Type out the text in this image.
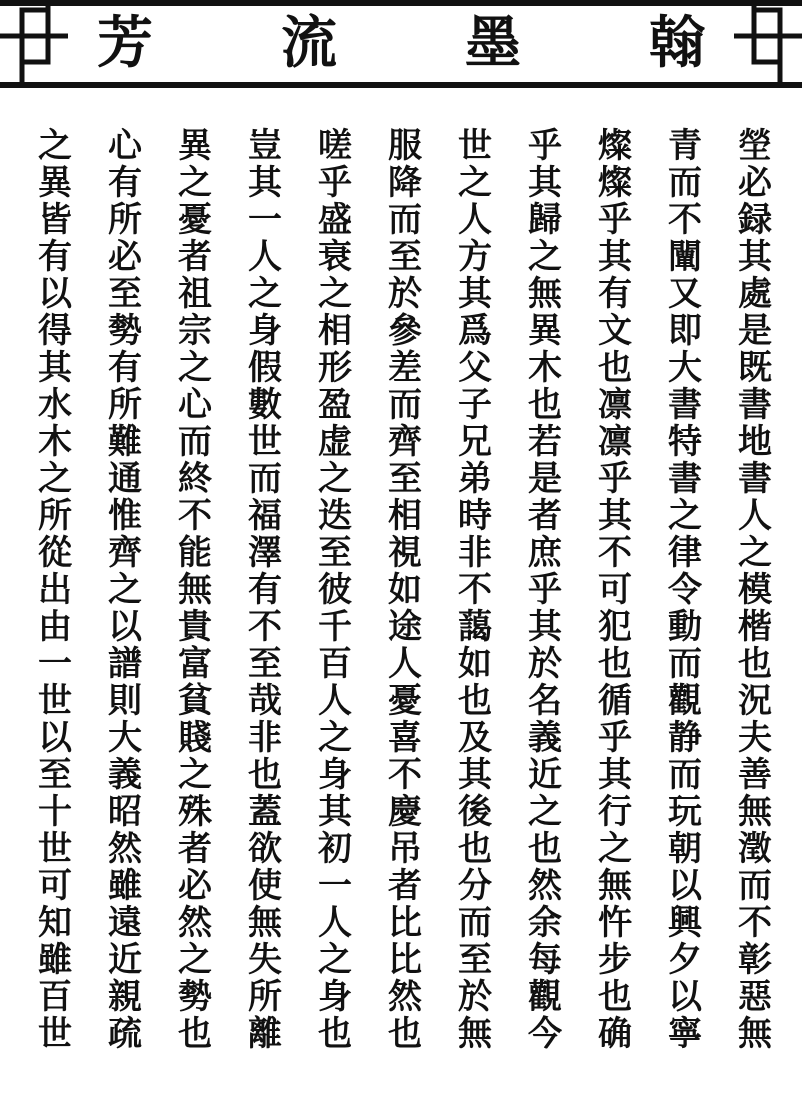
芳 流 墨 翰
塋
必
録
其
處
是
既
書
地
書
人
之
模
楷
也
況
夫
善
無
澂
而
不
彰
惡
無
青
而
不
闡
又
即
大
書
特
書
之
律
令
動
而
觀
静
而
玩
朝
以
興
夕
以
寧
燦
燦
乎
其
有
文
也
凛
凛
乎
其
不
可
犯
也
循
乎
其
行
之
無
忤
步
也
确
乎
其
歸
之
無
異
木
也
若
是
者
庶
乎
其
於
名
義
近
之
也
然
余
每
觀
今
世
之
人
方
其
爲
父
子
兄
弟
時
非
不
藹
如
也
及
其
後
也
分
而
至
於
無
服
降
而
至
於
參
差
而
齊
至
相
視
如
途
人
憂
喜
不
慶
吊
者
比
比
然
也
嗟
乎
盛
衰
之
相
形
盈
虚
之
迭
至
彼
千
百
人
之
身
其
初
一
人
之
身
也
豈
其
一
人
之
身
假
數
世
而
福
澤
有
不
至
哉
非
也
蓋
欲
使
無
失
所
離
異
之
憂
者
祖
宗
之
心
而
終
不
能
無
貴
富
貧
賤
之
殊
者
必
然
之
勢
也
心
有
所
必
至
勢
有
所
難
通
惟
齊
之
以
譜
則
大
義
昭
然
雖
遠
近
親
疏
之
異
皆
有
以
得
其
水
木
之
所
從
出
由
一
世
以
至
十
世
可
知
雖
百
世
